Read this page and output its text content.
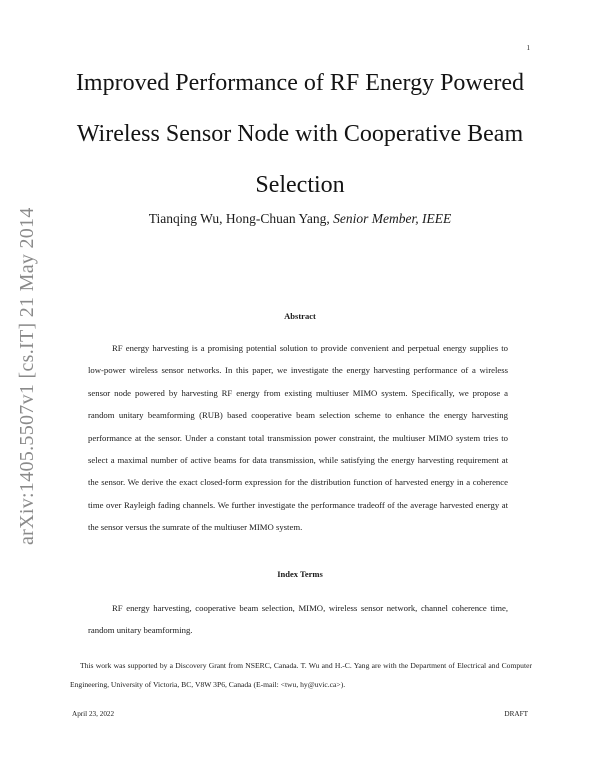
1
arXiv:1405.5507v1 [cs.IT] 21 May 2014
Improved Performance of RF Energy Powered Wireless Sensor Node with Cooperative Beam Selection
Tianqing Wu, Hong-Chuan Yang, Senior Member, IEEE
Abstract

RF energy harvesting is a promising potential solution to provide convenient and perpetual energy supplies to low-power wireless sensor networks. In this paper, we investigate the energy harvesting performance of a wireless sensor node powered by harvesting RF energy from existing multiuser MIMO system. Specifically, we propose a random unitary beamforming (RUB) based cooperative beam selection scheme to enhance the energy harvesting performance at the sensor. Under a constant total transmission power constraint, the multiuser MIMO system tries to select a maximal number of active beams for data transmission, while satisfying the energy harvesting requirement at the sensor. We derive the exact closed-form expression for the distribution function of harvested energy in a coherence time over Rayleigh fading channels. We further investigate the performance tradeoff of the average harvested energy at the sensor versus the sumrate of the multiuser MIMO system.

Index Terms

RF energy harvesting, cooperative beam selection, MIMO, wireless sensor network, channel coherence time, random unitary beamforming.

This work was supported by a Discovery Grant from NSERC, Canada. T. Wu and H.-C. Yang are with the Department of Electrical and Computer Engineering, University of Victoria, BC, V8W 3P6, Canada (E-mail: <twu, hy@uvic.ca>).

April 23, 2022	DRAFT
